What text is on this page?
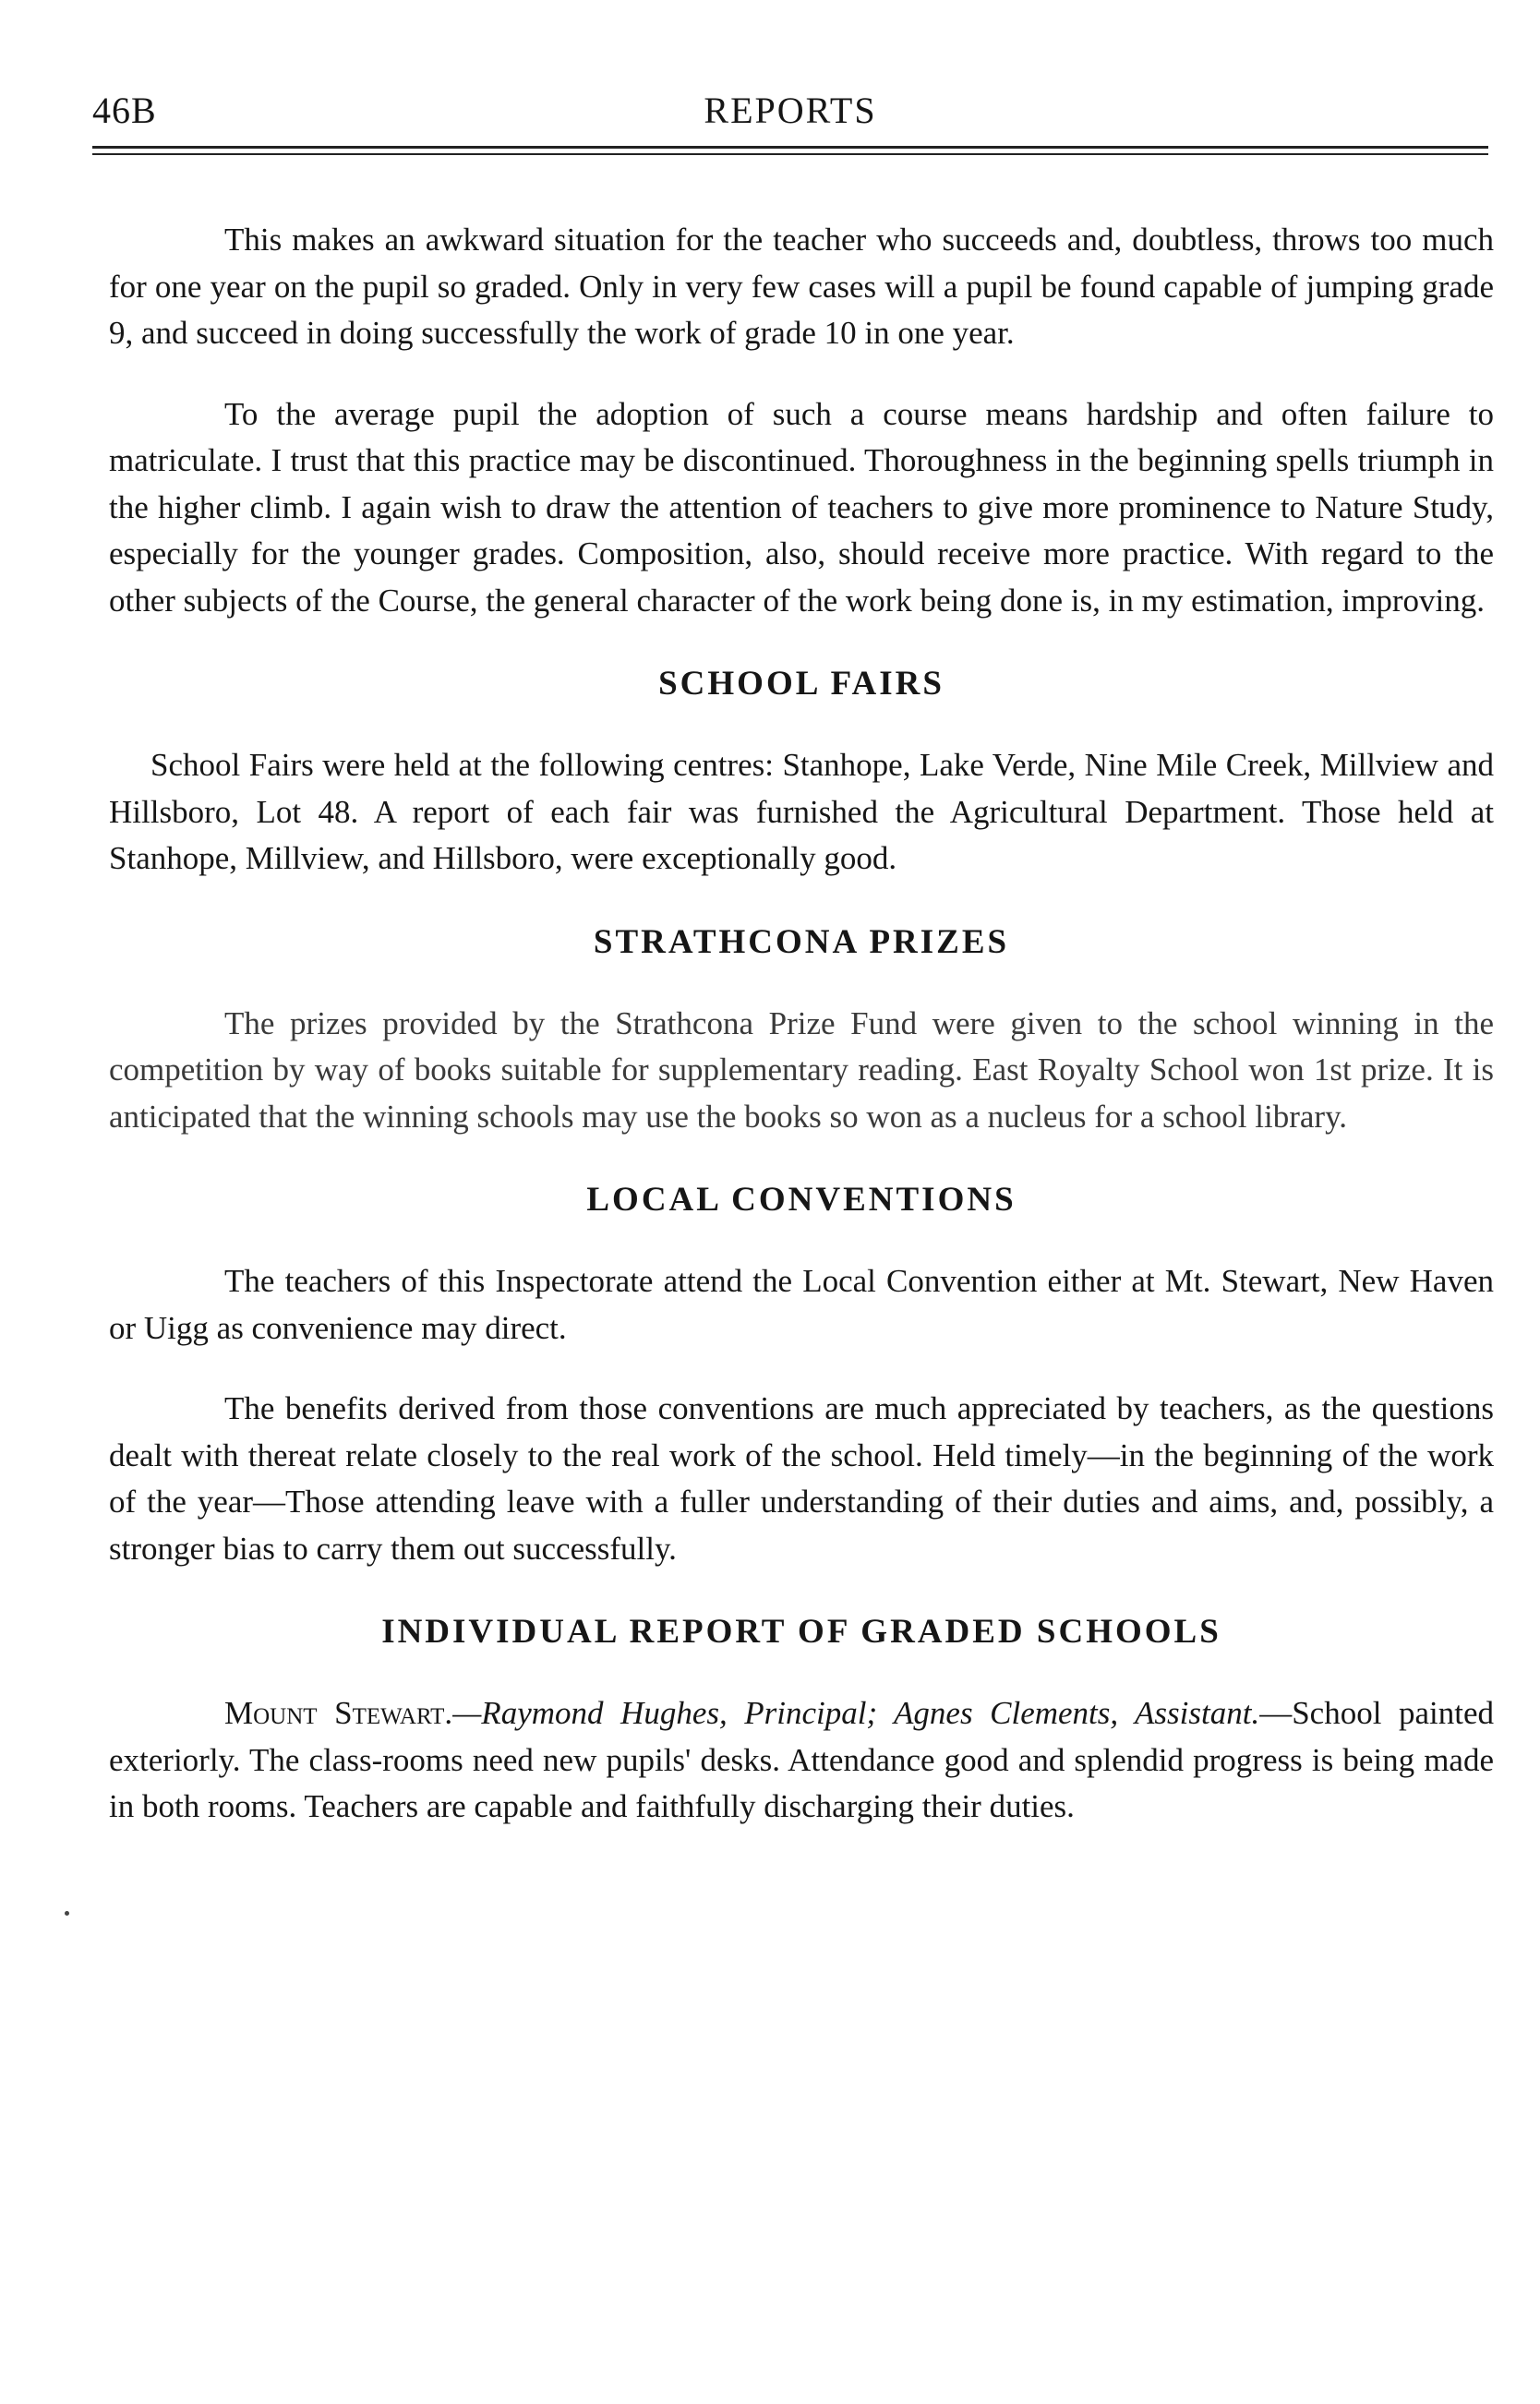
46B	REPORTS

This makes an awkward situation for the teacher who succeeds and, doubtless, throws too much for one year on the pupil so graded. Only in very few cases will a pupil be found capable of jumping grade 9, and succeed in doing successfully the work of grade 10 in one year.

To the average pupil the adoption of such a course means hardship and often failure to matriculate. I trust that this practice may be discontinued. Thoroughness in the beginning spells triumph in the higher climb. I again wish to draw the attention of teachers to give more prominence to Nature Study, especially for the younger grades. Composition, also, should receive more practice. With regard to the other subjects of the Course, the general character of the work being done is, in my estimation, improving.

SCHOOL FAIRS

School Fairs were held at the following centres: Stanhope, Lake Verde, Nine Mile Creek, Millview and Hillsboro, Lot 48. A report of each fair was furnished the Agricultural Department. Those held at Stanhope, Millview, and Hillsboro, were exceptionally good.

STRATHCONA PRIZES

The prizes provided by the Strathcona Prize Fund were given to the school winning in the competition by way of books suitable for supplementary reading. East Royalty School won 1st prize. It is anticipated that the winning schools may use the books so won as a nucleus for a school library.

LOCAL CONVENTIONS

The teachers of this Inspectorate attend the Local Convention either at Mt. Stewart, New Haven or Uigg as convenience may direct.

The benefits derived from those conventions are much appreciated by teachers, as the questions dealt with thereat relate closely to the real work of the school. Held timely—in the beginning of the work of the year—Those attending leave with a fuller understanding of their duties and aims, and, possibly, a stronger bias to carry them out successfully.

INDIVIDUAL REPORT OF GRADED SCHOOLS

Mount Stewart.—Raymond Hughes, Principal; Agnes Clements, Assistant.—School painted exteriorly. The class-rooms need new pupils' desks. Attendance good and splendid progress is being made in both rooms. Teachers are capable and faithfully discharging their duties.
